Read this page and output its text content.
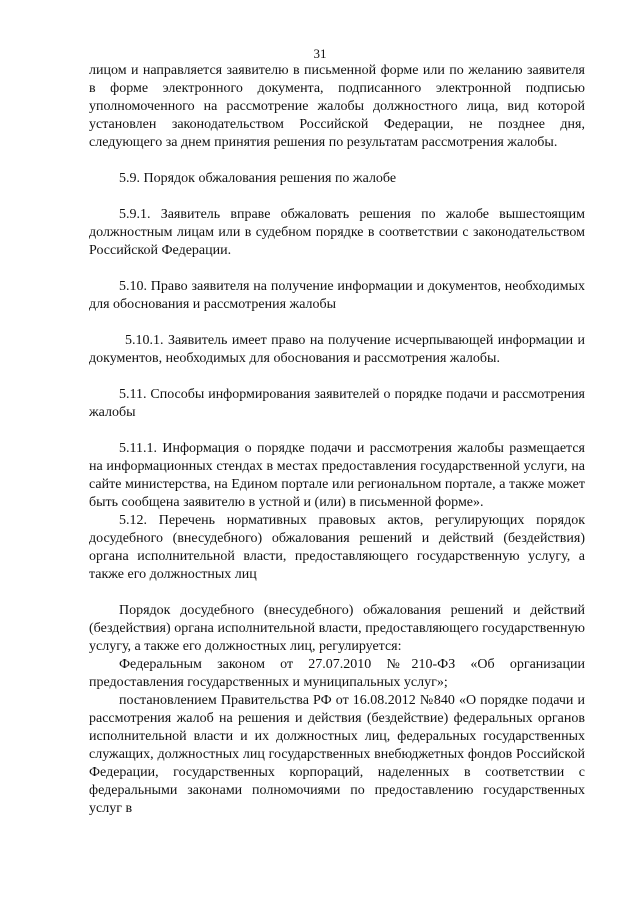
31

лицом и направляется заявителю в письменной форме или по желанию заявителя в форме электронного документа, подписанного электронной подписью уполномоченного на рассмотрение жалобы должностного лица, вид которой установлен законодательством Российской Федерации, не позднее дня, следующего за днем принятия решения по результатам рассмотрения жалобы.

5.9. Порядок обжалования решения по жалобе

5.9.1. Заявитель вправе обжаловать решения по жалобе вышестоящим должностным лицам или в судебном порядке в соответствии с законодательством Российской Федерации.

5.10. Право заявителя на получение информации и документов, необходимых для обоснования и рассмотрения жалобы

5.10.1. Заявитель имеет право на получение исчерпывающей информации и документов, необходимых для обоснования и рассмотрения жалобы.

5.11. Способы информирования заявителей о порядке подачи и рассмотрения жалобы

5.11.1. Информация о порядке подачи и рассмотрения жалобы размещается на информационных стендах в местах предоставления государственной услуги, на сайте министерства, на Едином портале или региональном портале, а также может быть сообщена заявителю в устной и (или) в письменной форме».

5.12. Перечень нормативных правовых актов, регулирующих порядок досудебного (внесудебного) обжалования решений и действий (бездействия) органа исполнительной власти, предоставляющего государственную услугу, а также его должностных лиц

Порядок досудебного (внесудебного) обжалования решений и действий (бездействия) органа исполнительной власти, предоставляющего государственную услугу, а также его должностных лиц, регулируется:

Федеральным законом от 27.07.2010 №210-ФЗ «Об организации предоставления государственных и муниципальных услуг»;

постановлением Правительства РФ от 16.08.2012 №840 «О порядке подачи и рассмотрения жалоб на решения и действия (бездействие) федеральных органов исполнительной власти и их должностных лиц, федеральных государственных служащих, должностных лиц государственных внебюджетных фондов Российской Федерации, государственных корпораций, наделенных в соответствии с федеральными законами полномочиями по предоставлению государственных услуг в
